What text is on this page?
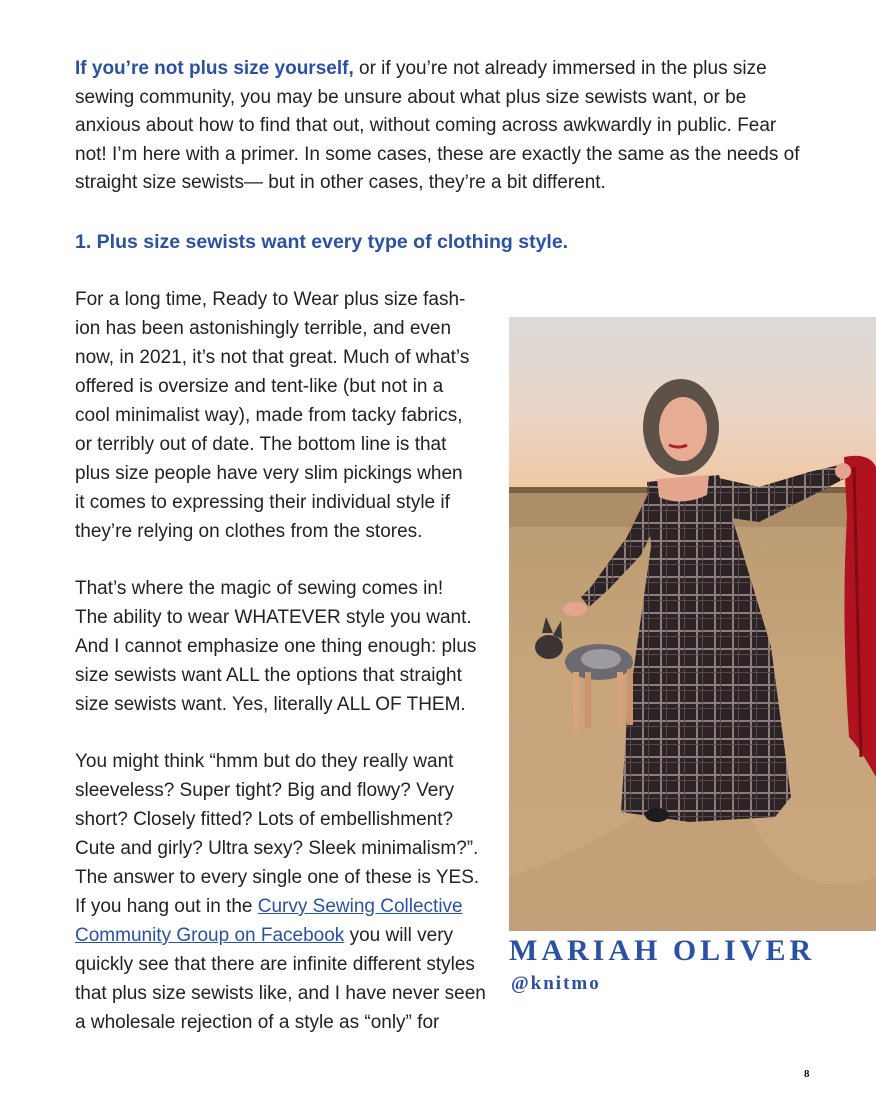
If you’re not plus size yourself, or if you’re not already immersed in the plus size sewing community, you may be unsure about what plus size sewists want, or be anxious about how to find that out, without coming across awkwardly in public. Fear not! I’m here with a primer. In some cases, these are exactly the same as the needs of straight size sewists— but in other cases, they’re a bit different.

1. Plus size sewists want every type of clothing style.

For a long time, Ready to Wear plus size fash-
ion has been astonishingly terrible, and even
now, in 2021, it’s not that great. Much of what’s
offered is oversize and tent-like (but not in a
cool minimalist way), made from tacky fabrics,
or terribly out of date. The bottom line is that
plus size people have very slim pickings when
it comes to expressing their individual style if
they’re relying on clothes from the stores.

That’s where the magic of sewing comes in!
The ability to wear WHATEVER style you want.
And I cannot emphasize one thing enough: plus
size sewists want ALL the options that straight
size sewists want. Yes, literally ALL OF THEM.

You might think “hmm but do they really want
sleeveless? Super tight? Big and flowy? Very
short? Closely fitted? Lots of embellishment?
Cute and girly? Ultra sexy? Sleek minimalism?”.
The answer to every single one of these is YES.
If you hang out in the Curvy Sewing Collective
Community Group on Facebook you will very
quickly see that there are infinite different styles
that plus size sewists like, and I have never seen
a wholesale rejection of a style as “only” for

MARIAH OLIVER

@knitmo

8
